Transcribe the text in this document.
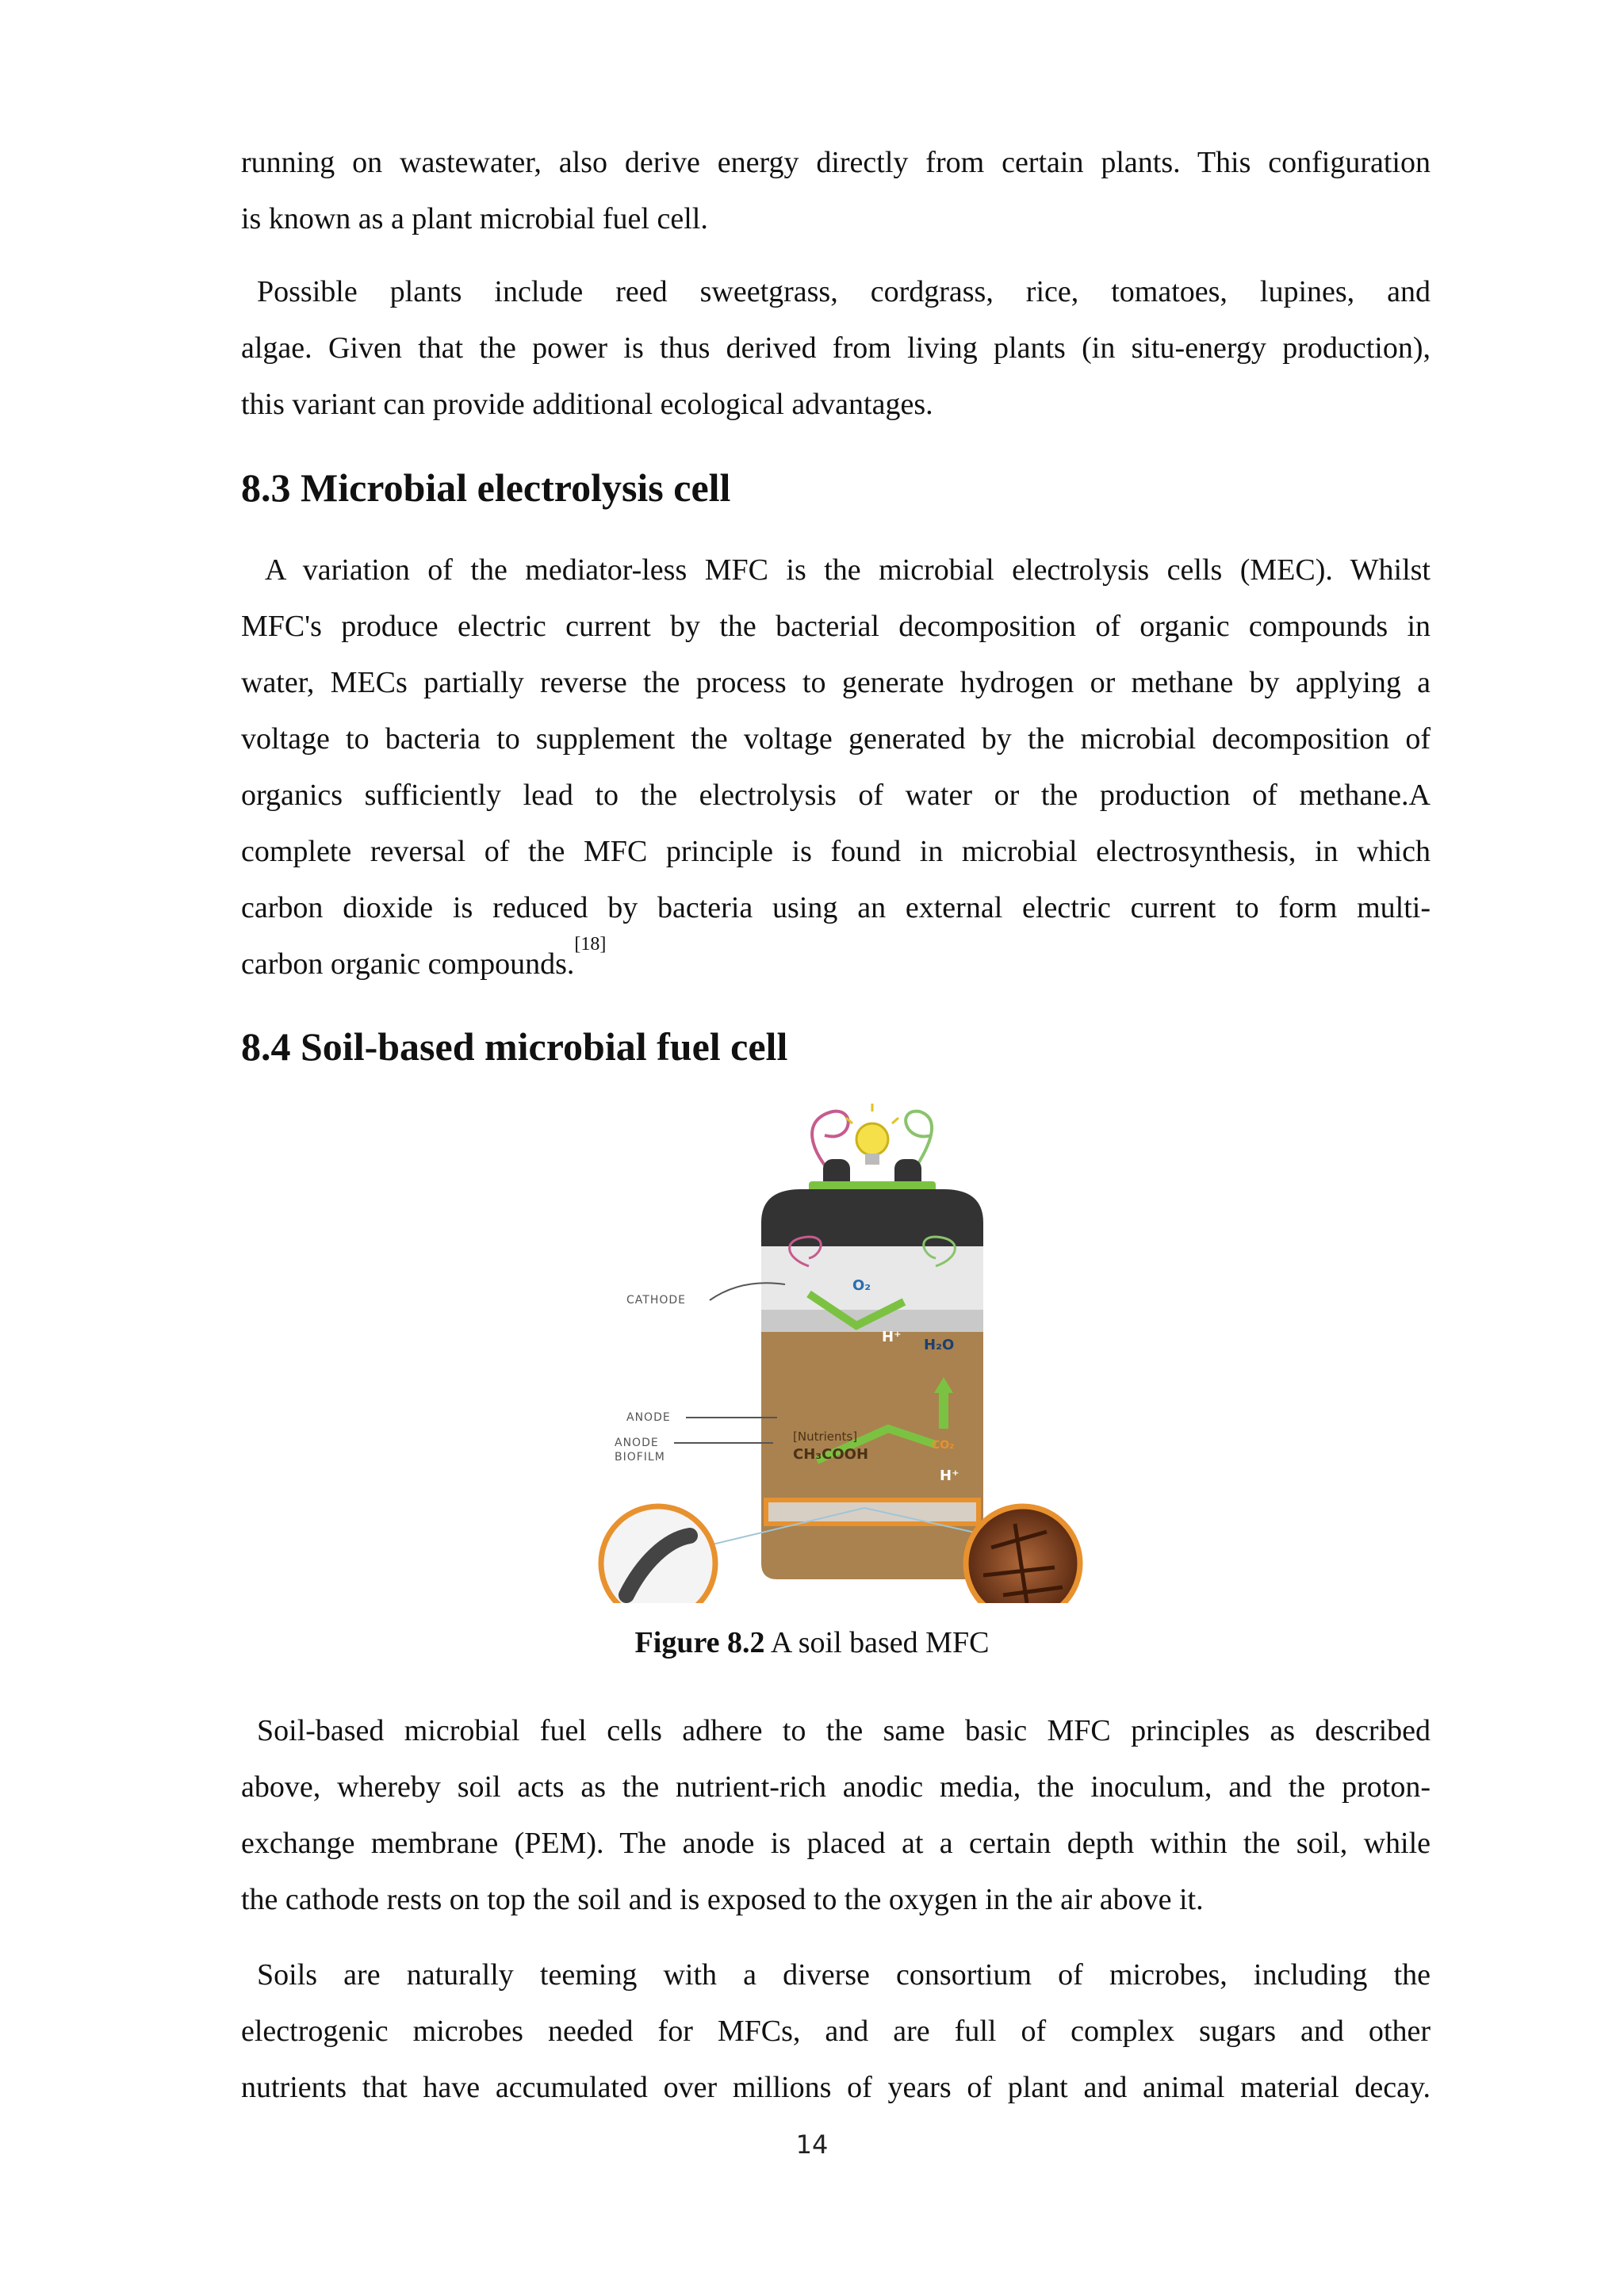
running on wastewater, also derive energy directly from certain plants. This configuration
is known as a plant microbial fuel cell.
Possible plants include reed sweetgrass, cordgrass, rice, tomatoes, lupines, and
algae. Given that the power is thus derived from living plants (in situ-energy production),
this variant can provide additional ecological advantages.
8.3 Microbial electrolysis cell
A variation of the mediator-less MFC is the microbial electrolysis cells (MEC). Whilst
MFC's produce electric current by the bacterial decomposition of organic compounds in
water, MECs partially reverse the process to generate hydrogen or methane by applying a
voltage to bacteria to supplement the voltage generated by the microbial decomposition of
organics sufficiently lead to the electrolysis of water or the production of methane.A
complete reversal of the MFC principle is found in microbial electrosynthesis, in which
carbon dioxide is reduced by bacteria using an external electric current to form multi-
carbon organic compounds.[18]
8.4 Soil-based microbial fuel cell
O₂
H⁺ H₂O
[Nutrients]
CH₃COOH
H⁺
CO₂
CATHODE
ANODE
ANODE
BIOFILM
Figure 8.2 A soil based MFC
Soil-based microbial fuel cells adhere to the same basic MFC principles as described
above, whereby soil acts as the nutrient-rich anodic media, the inoculum, and the proton-
exchange membrane (PEM). The anode is placed at a certain depth within the soil, while
the cathode rests on top the soil and is exposed to the oxygen in the air above it.
Soils are naturally teeming with a diverse consortium of microbes, including the
electrogenic microbes needed for MFCs, and are full of complex sugars and other
nutrients that have accumulated over millions of years of plant and animal material decay.
14
